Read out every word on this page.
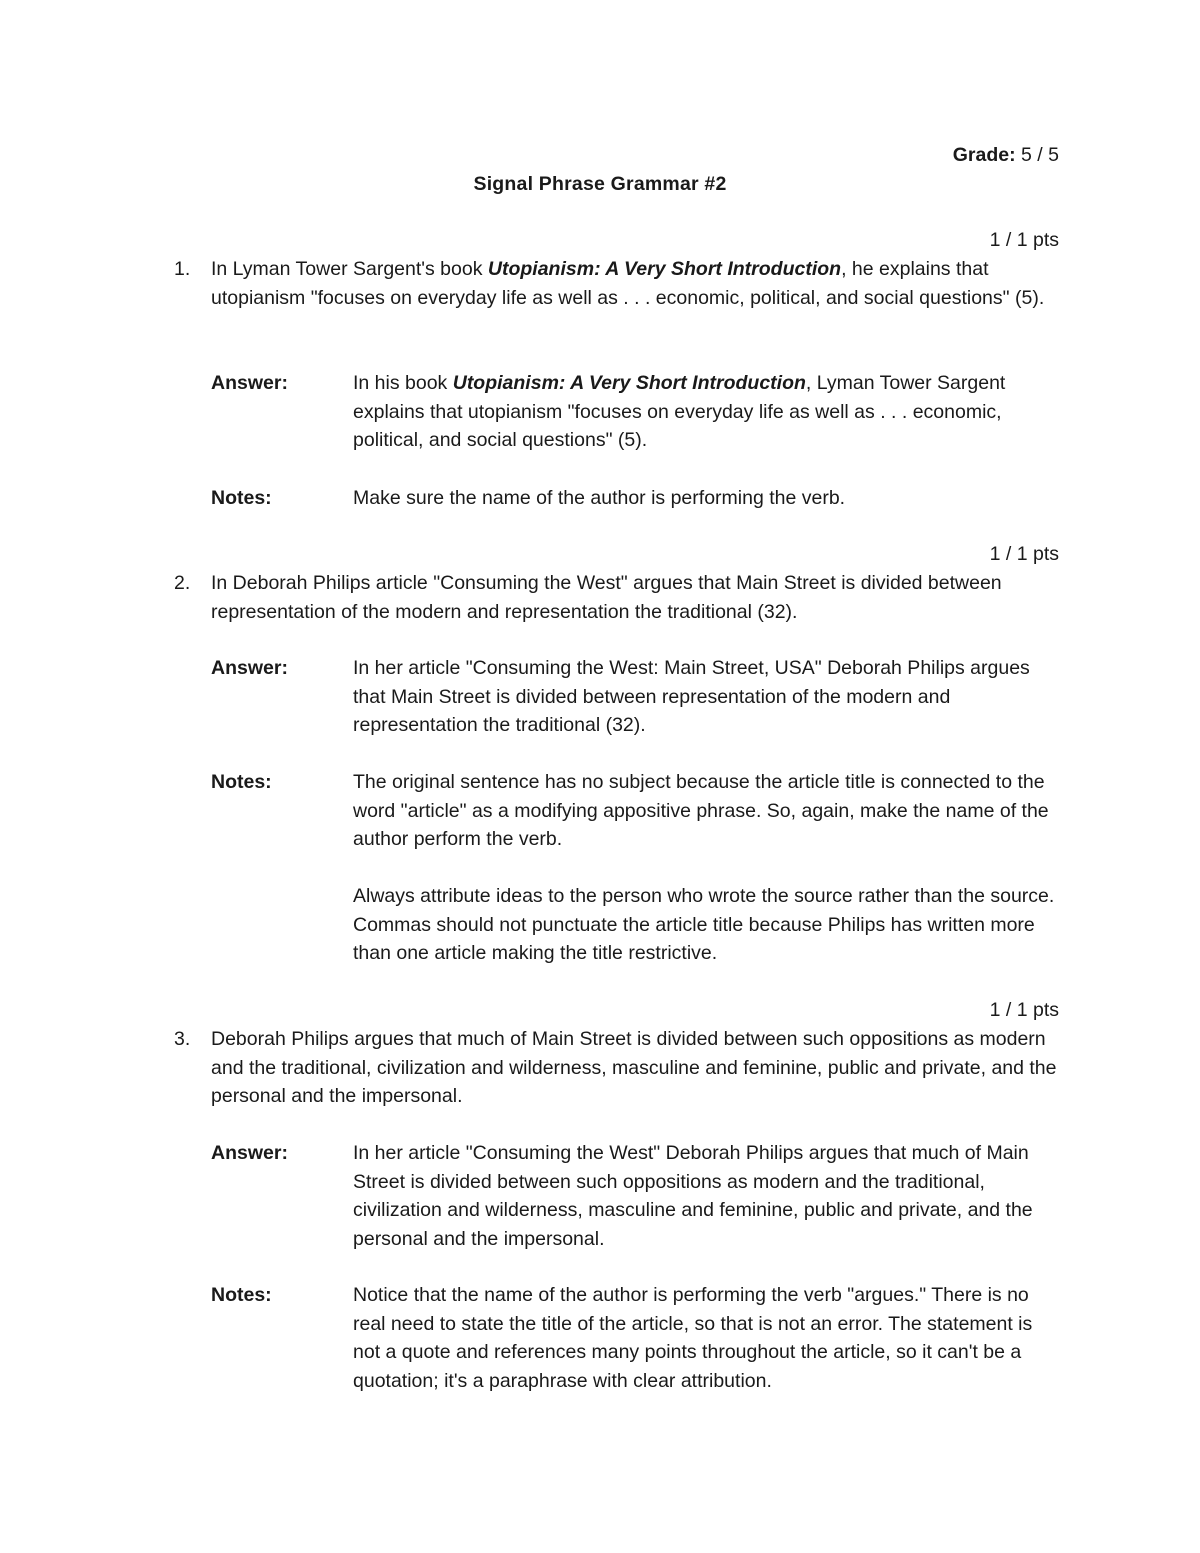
Grade: 5 / 5
Signal Phrase Grammar #2
1 / 1 pts
1. In Lyman Tower Sargent's book Utopianism: A Very Short Introduction, he explains that utopianism "focuses on everyday life as well as . . . economic, political, and social questions" (5).
Answer:	In his book Utopianism: A Very Short Introduction, Lyman Tower Sargent explains that utopianism "focuses on everyday life as well as . . . economic, political, and social questions" (5).
Notes:	Make sure the name of the author is performing the verb.
1 / 1 pts
2. In Deborah Philips article "Consuming the West" argues that Main Street is divided between representation of the modern and representation the traditional (32).
Answer:	In her article "Consuming the West: Main Street, USA" Deborah Philips argues that Main Street is divided between representation of the modern and representation the traditional (32).
Notes:	The original sentence has no subject because the article title is connected to the word "article" as a modifying appositive phrase. So, again, make the name of the author perform the verb.
Always attribute ideas to the person who wrote the source rather than the source. Commas should not punctuate the article title because Philips has written more than one article making the title restrictive.
1 / 1 pts
3. Deborah Philips argues that much of Main Street is divided between such oppositions as modern and the traditional, civilization and wilderness, masculine and feminine, public and private, and the personal and the impersonal.
Answer:	In her article "Consuming the West" Deborah Philips argues that much of Main Street is divided between such oppositions as modern and the traditional, civilization and wilderness, masculine and feminine, public and private, and the personal and the impersonal.
Notes:	Notice that the name of the author is performing the verb "argues." There is no real need to state the title of the article, so that is not an error. The statement is not a quote and references many points throughout the article, so it can't be a quotation; it's a paraphrase with clear attribution.
